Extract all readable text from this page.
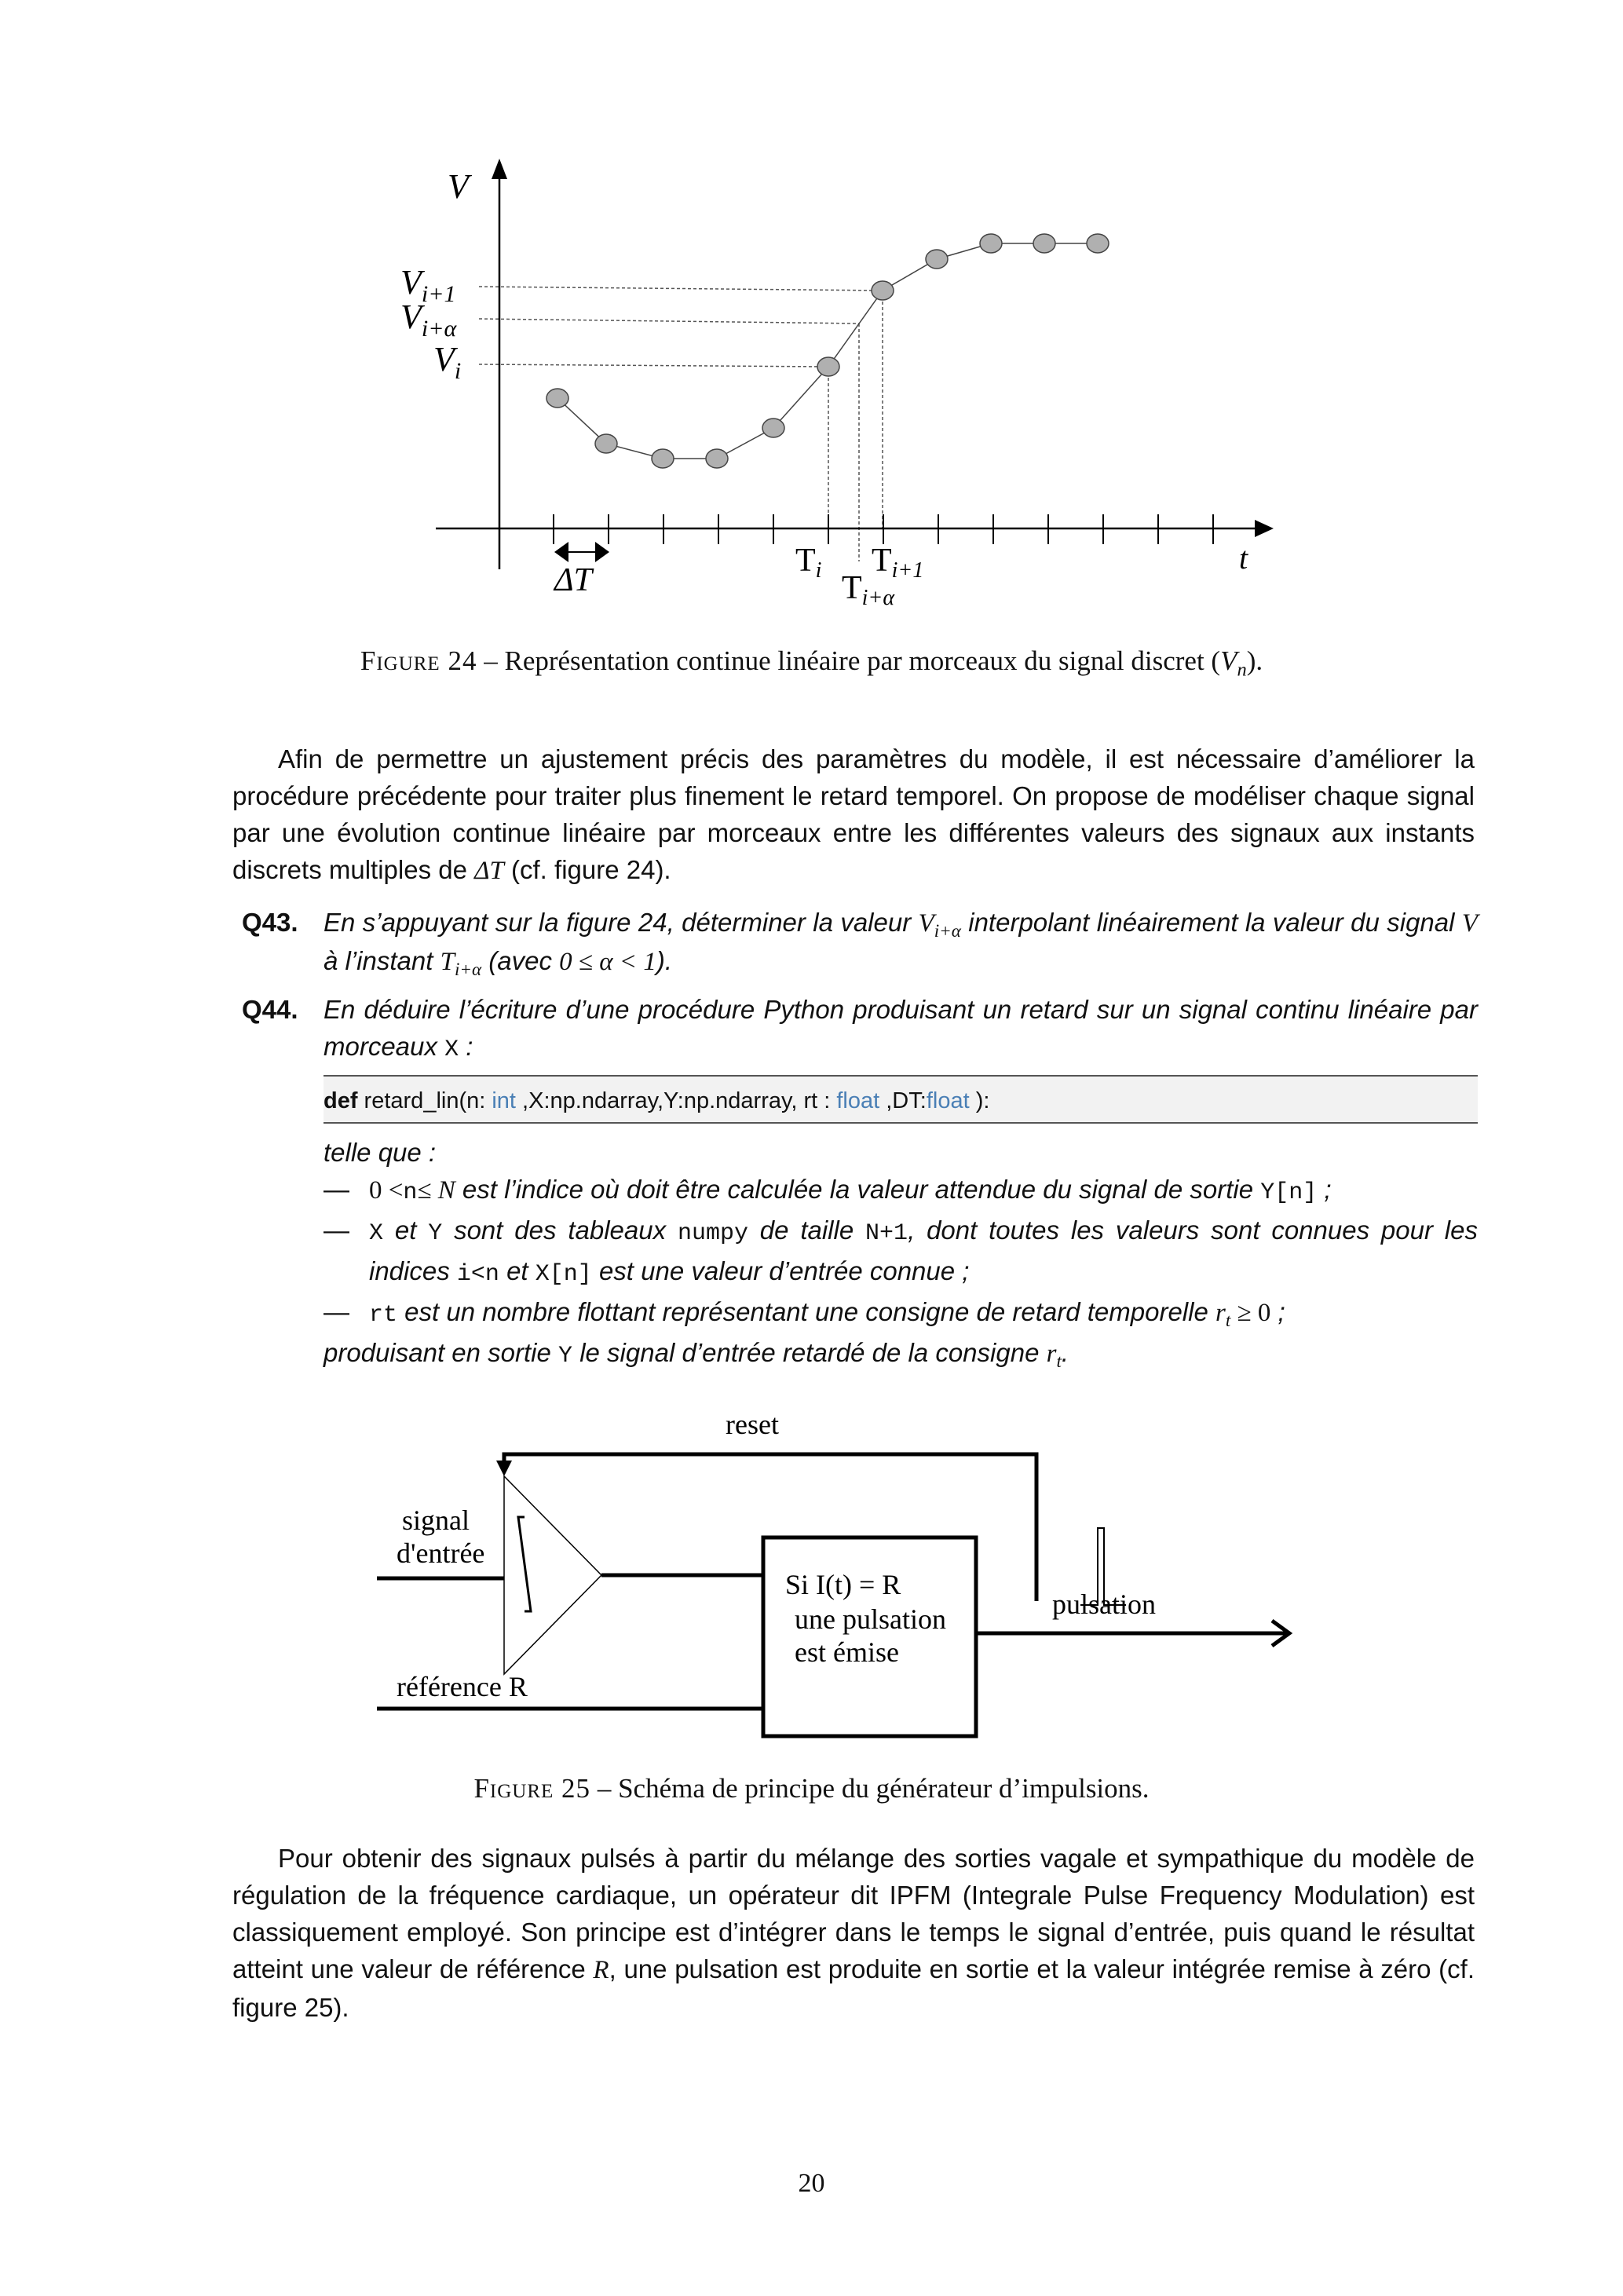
V
t
$V_{i+1}$
$V_{i+\alpha}$
$V_i$
Ti Ti+1
Ti+α
ΔT
Figure 24 – Représentation continue linéaire par morceaux du signal discret $(V_n)$.
Afin de permettre un ajustement précis des paramètres du modèle, il est nécessaire d’améliorer la procédure précédente pour traiter plus finement le retard temporel. On propose de modéliser chaque signal par une évolution continue linéaire par morceaux entre les différentes valeurs des signaux aux instants discrets multiples de ΔT (cf. figure 24).
Q43. En s’appuyant sur la figure 24, déterminer la valeur $V_{i+\alpha}$ interpolant linéairement la valeur du signal V à l’instant $T_{i+\alpha}$ (avec 0 ≤ α < 1).
Q44. En déduire l’écriture d’une procédure Python produisant un retard sur un signal continu linéaire par morceaux X :
def retard_lin(n: int ,X:np.ndarray,Y:np.ndarray, rt : float ,DT:float ):
telle que :
— 0 <n≤ N est l’indice où doit être calculée la valeur attendue du signal de sortie Y[n] ;
— X et Y sont des tableaux numpy de taille N+1, dont toutes les valeurs sont connues pour les indices i<n et X[n] est une valeur d’entrée connue ;
— rt est un nombre flottant représentant une consigne de retard temporelle $r_t \ge 0$ ;
produisant en sortie Y le signal d’entrée retardé de la consigne $r_t$.
reset
signal
d'entrée
référence R
Si I(t) = R
une pulsation
est émise
pulsation
Figure 25 – Schéma de principe du générateur d’impulsions.
Pour obtenir des signaux pulsés à partir du mélange des sorties vagale et sympathique du modèle de régulation de la fréquence cardiaque, un opérateur dit IPFM (Integrale Pulse Frequency Modulation) est classiquement employé. Son principe est d’intégrer dans le temps le signal d’entrée, puis quand le résultat atteint une valeur de référence R, une pulsation est produite en sortie et la valeur intégrée remise à zéro (cf. figure 25).
20
